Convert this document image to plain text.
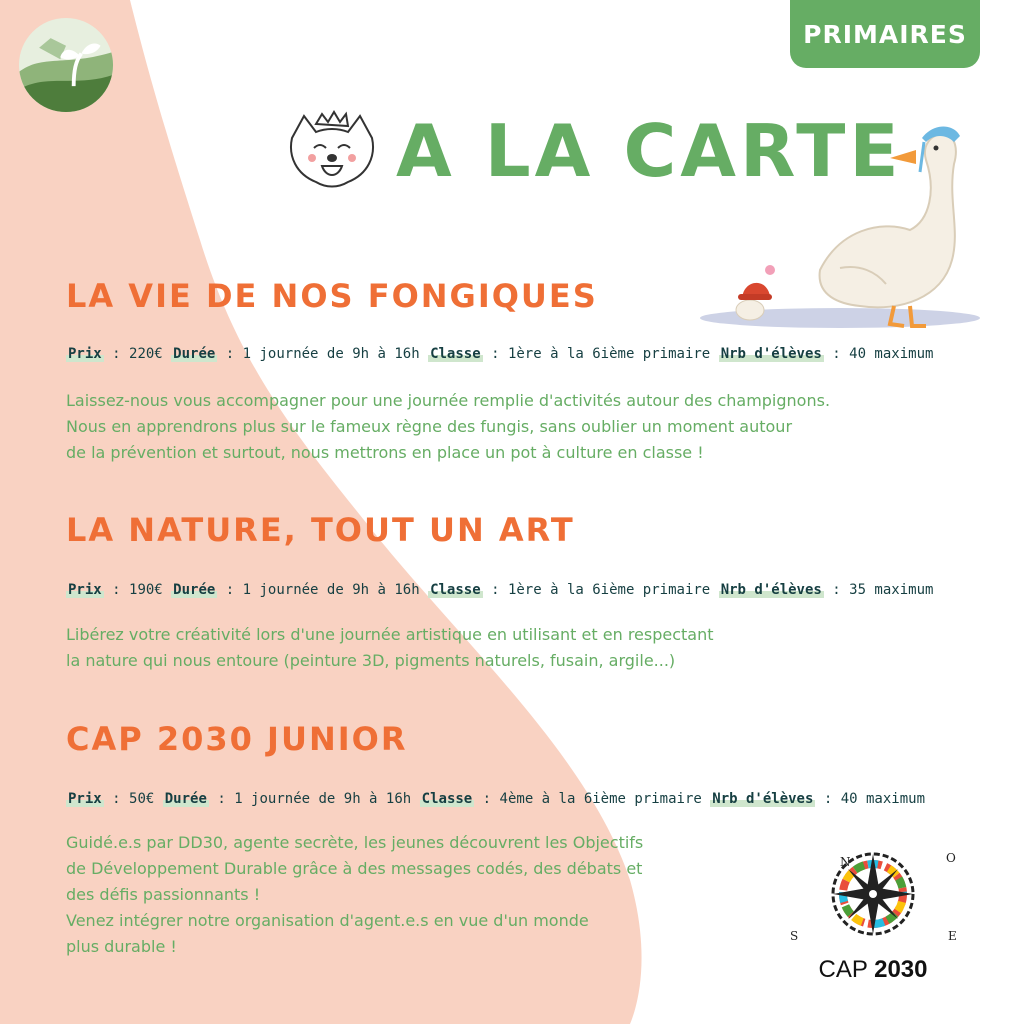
PRIMAIRES
A LA CARTE
LA VIE DE NOS FONGIQUES
Prix : 220€ Durée : 1 journée de 9h à 16h Classe : 1ère à la 6ième primaire Nrb d'élèves : 40 maximum
Laissez-nous vous accompagner pour une journée remplie d'activités autour des champignons.
Nous en apprendrons plus sur le fameux règne des fungis, sans oublier un moment autour
de la prévention et surtout, nous mettrons en place un pot à culture en classe !
LA NATURE, TOUT UN ART
Prix : 190€ Durée : 1 journée de 9h à 16h Classe : 1ère à la 6ième primaire Nrb d'élèves : 35 maximum
Libérez votre créativité lors d'une journée artistique en utilisant et en respectant
la nature qui nous entoure (peinture 3D, pigments naturels, fusain, argile...)
CAP 2030 JUNIOR
Prix : 50€ Durée : 1 journée de 9h à 16h Classe : 4ème à la 6ième primaire Nrb d'élèves : 40 maximum
Guidé.e.s par DD30, agente secrète, les jeunes découvrent les Objectifs
de Développement Durable grâce à des messages codés, des débats et
des défis passionnants !
Venez intégrer notre organisation d'agent.e.s en vue d'un monde
plus durable !
N
S	E
O
CAP 2030
